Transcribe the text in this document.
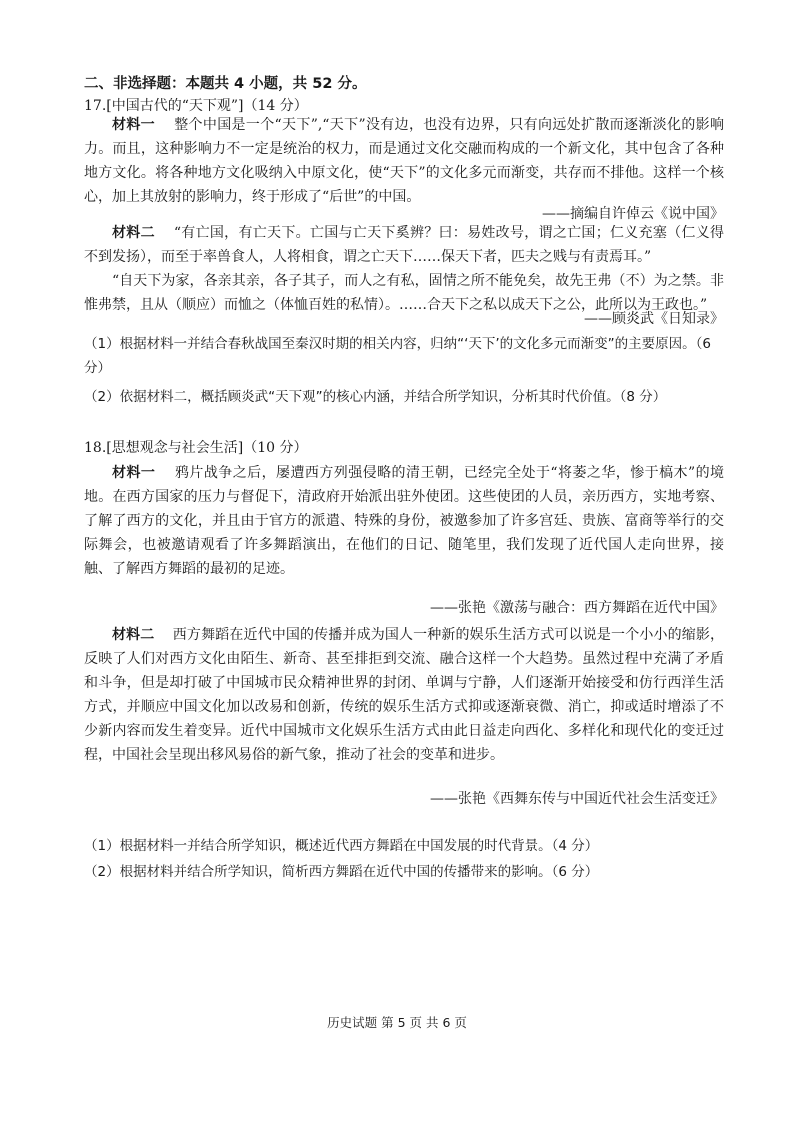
二、非选择题：本题共 4 小题，共 52 分。
17.[中国古代的“天下观”]（14 分）
材料一 整个中国是一个“天下”,“天下”没有边，也没有边界，只有向远处扩散而逐渐淡化的影响力。而且，这种影响力不一定是统治的权力，而是通过文化交融而构成的一个新文化，其中包含了各种地方文化。将各种地方文化吸纳入中原文化，使“天下”的文化多元而渐变，共存而不排他。这样一个核心，加上其放射的影响力，终于形成了“后世”的中国。
——摘编自许倬云《说中国》
材料二 “有亡国，有亡天下。亡国与亡天下奚辨？曰：易姓改号，谓之亡国；仁义充塞（仁义得不到发扬），而至于率兽食人，人将相食，谓之亡天下……保天下者，匹夫之贱与有责焉耳。”
“自天下为家，各亲其亲，各子其子，而人之有私，固情之所不能免矣，故先王弗（不）为之禁。非惟弗禁，且从（顺应）而恤之（体恤百姓的私情）。……合天下之私以成天下之公，此所以为王政也。”
——顾炎武《日知录》
（1）根据材料一并结合春秋战国至秦汉时期的相关内容，归纳“‘天下’的文化多元而渐变”的主要原因。（6 分）
（2）依据材料二，概括顾炎武“天下观”的核心内涵，并结合所学知识，分析其时代价值。（8 分）
18.[思想观念与社会生活]（10 分）
材料一 鸦片战争之后，屡遭西方列强侵略的清王朝，已经完全处于“将萎之华，惨于槁木”的境地。在西方国家的压力与督促下，清政府开始派出驻外使团。这些使团的人员，亲历西方，实地考察、了解了西方的文化，并且由于官方的派遣、特殊的身份，被邀参加了许多宫廷、贵族、富商等举行的交际舞会，也被邀请观看了许多舞蹈演出，在他们的日记、随笔里，我们发现了近代国人走向世界，接触、了解西方舞蹈的最初的足迹。
——张艳《激荡与融合：西方舞蹈在近代中国》
材料二 西方舞蹈在近代中国的传播并成为国人一种新的娱乐生活方式可以说是一个小小的缩影，反映了人们对西方文化由陌生、新奇、甚至排拒到交流、融合这样一个大趋势。虽然过程中充满了矛盾和斗争，但是却打破了中国城市民众精神世界的封闭、单调与宁静，人们逐渐开始接受和仿行西洋生活方式，并顺应中国文化加以改易和创新，传统的娱乐生活方式抑或逐渐衰微、消亡，抑或适时增添了不少新内容而发生着变异。近代中国城市文化娱乐生活方式由此日益走向西化、多样化和现代化的变迁过程，中国社会呈现出移风易俗的新气象，推动了社会的变革和进步。
——张艳《西舞东传与中国近代社会生活变迁》
（1）根据材料一并结合所学知识，概述近代西方舞蹈在中国发展的时代背景。（4 分）
（2）根据材料并结合所学知识，简析西方舞蹈在近代中国的传播带来的影响。（6 分）
历史试题 第 5 页 共 6 页
